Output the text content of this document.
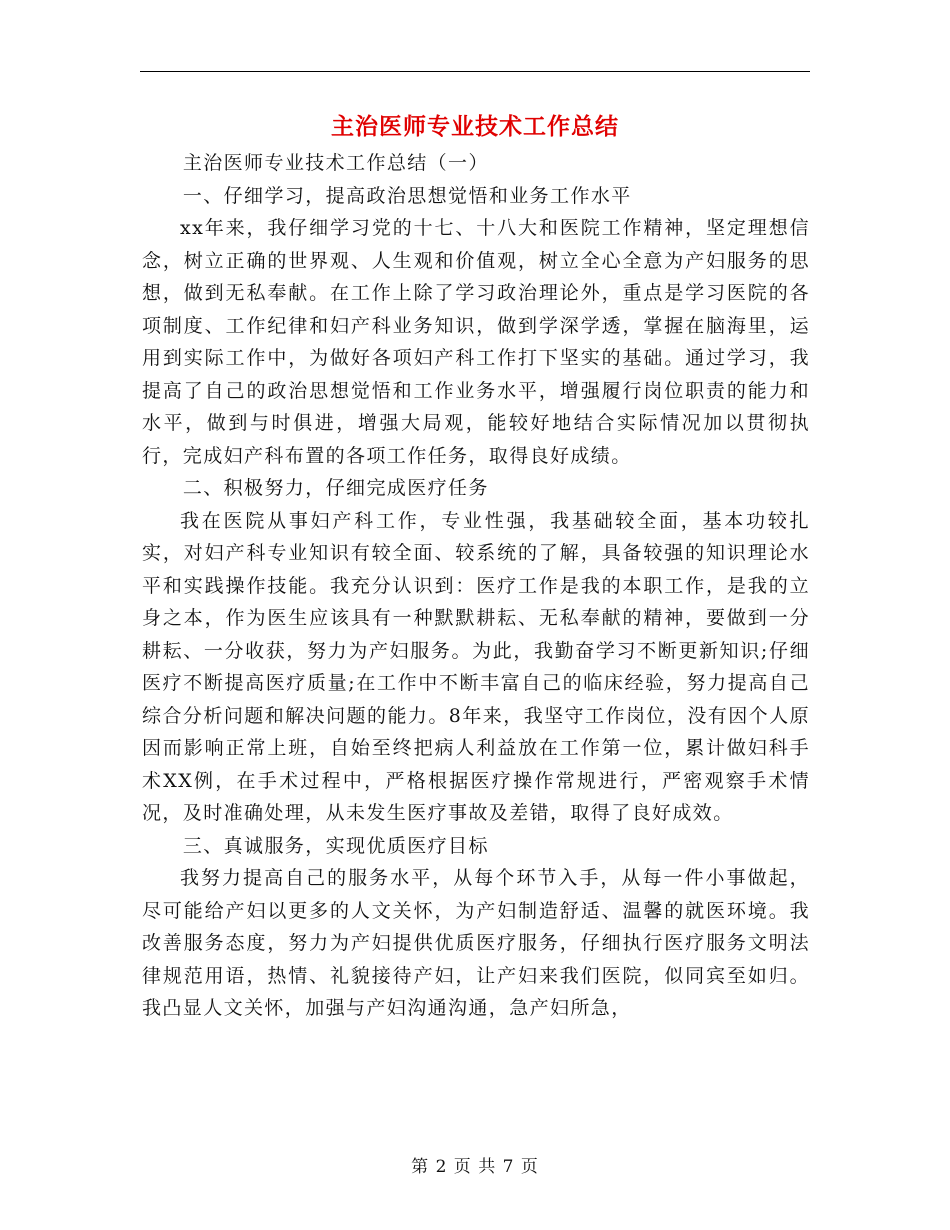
主治医师专业技术工作总结

主治医师专业技术工作总结（一）

一、仔细学习，提高政治思想觉悟和业务工作水平

xx年来，我仔细学习党的十七、十八大和医院工作精神，坚定理想信念，树立正确的世界观、人生观和价值观，树立全心全意为产妇服务的思想，做到无私奉献。在工作上除了学习政治理论外，重点是学习医院的各项制度、工作纪律和妇产科业务知识，做到学深学透，掌握在脑海里，运用到实际工作中，为做好各项妇产科工作打下坚实的基础。通过学习，我提高了自己的政治思想觉悟和工作业务水平，增强履行岗位职责的能力和水平，做到与时俱进，增强大局观，能较好地结合实际情况加以贯彻执行，完成妇产科布置的各项工作任务，取得良好成绩。

二、积极努力，仔细完成医疗任务

我在医院从事妇产科工作，专业性强，我基础较全面，基本功较扎实，对妇产科专业知识有较全面、较系统的了解，具备较强的知识理论水平和实践操作技能。我充分认识到：医疗工作是我的本职工作，是我的立身之本，作为医生应该具有一种默默耕耘、无私奉献的精神，要做到一分耕耘、一分收获，努力为产妇服务。为此，我勤奋学习不断更新知识;仔细医疗不断提高医疗质量;在工作中不断丰富自己的临床经验，努力提高自己综合分析问题和解决问题的能力。8年来，我坚守工作岗位，没有因个人原因而影响正常上班，自始至终把病人利益放在工作第一位，累计做妇科手术XX例，在手术过程中，严格根据医疗操作常规进行，严密观察手术情况，及时准确处理，从未发生医疗事故及差错，取得了良好成效。

三、真诚服务，实现优质医疗目标

我努力提高自己的服务水平，从每个环节入手，从每一件小事做起，尽可能给产妇以更多的人文关怀，为产妇制造舒适、温馨的就医环境。我改善服务态度，努力为产妇提供优质医疗服务，仔细执行医疗服务文明法律规范用语，热情、礼貌接待产妇，让产妇来我们医院，似同宾至如归。我凸显人文关怀，加强与产妇沟通沟通，急产妇所急，

第 2 页 共 7 页
